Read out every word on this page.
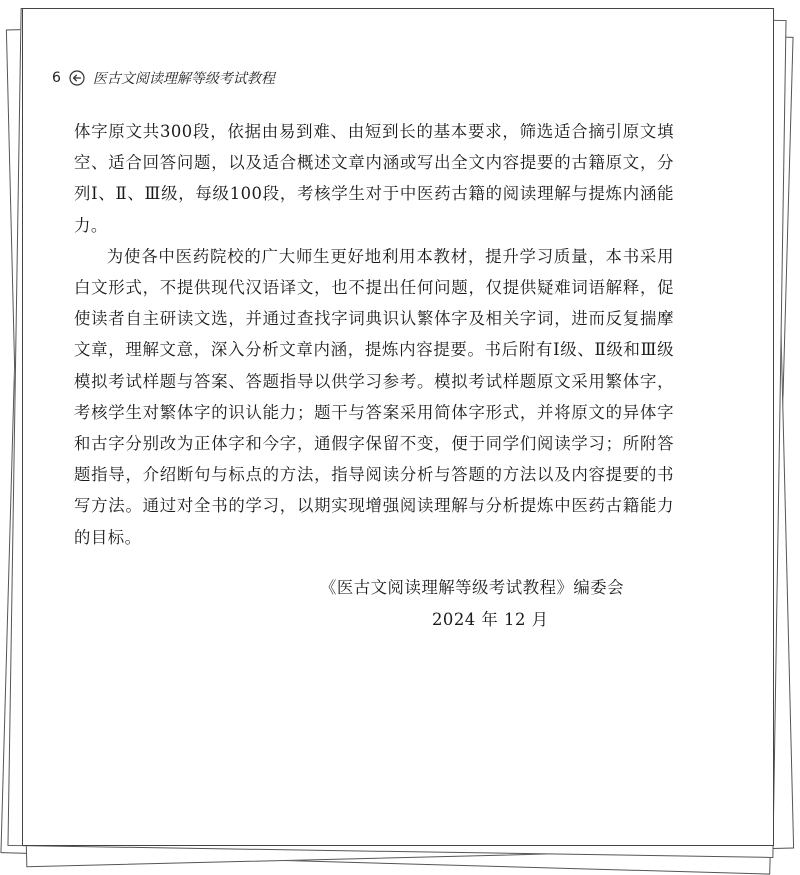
6 医古文阅读理解等级考试教程

体字原文共300段，依据由易到难、由短到长的基本要求，筛选适合摘引原文填空、适合回答问题，以及适合概述文章内涵或写出全文内容提要的古籍原文，分列Ⅰ、Ⅱ、Ⅲ级，每级100段，考核学生对于中医药古籍的阅读理解与提炼内涵能力。

为使各中医药院校的广大师生更好地利用本教材，提升学习质量，本书采用白文形式，不提供现代汉语译文，也不提出任何问题，仅提供疑难词语解释，促使读者自主研读文选，并通过查找字词典识认繁体字及相关字词，进而反复揣摩文章，理解文意，深入分析文章内涵，提炼内容提要。书后附有Ⅰ级、Ⅱ级和Ⅲ级模拟考试样题与答案、答题指导以供学习参考。模拟考试样题原文采用繁体字，考核学生对繁体字的识认能力；题干与答案采用简体字形式，并将原文的异体字和古字分别改为正体字和今字，通假字保留不变，便于同学们阅读学习；所附答题指导，介绍断句与标点的方法，指导阅读分析与答题的方法以及内容提要的书写方法。通过对全书的学习，以期实现增强阅读理解与分析提炼中医药古籍能力的目标。

《医古文阅读理解等级考试教程》编委会
2024 年 12 月
